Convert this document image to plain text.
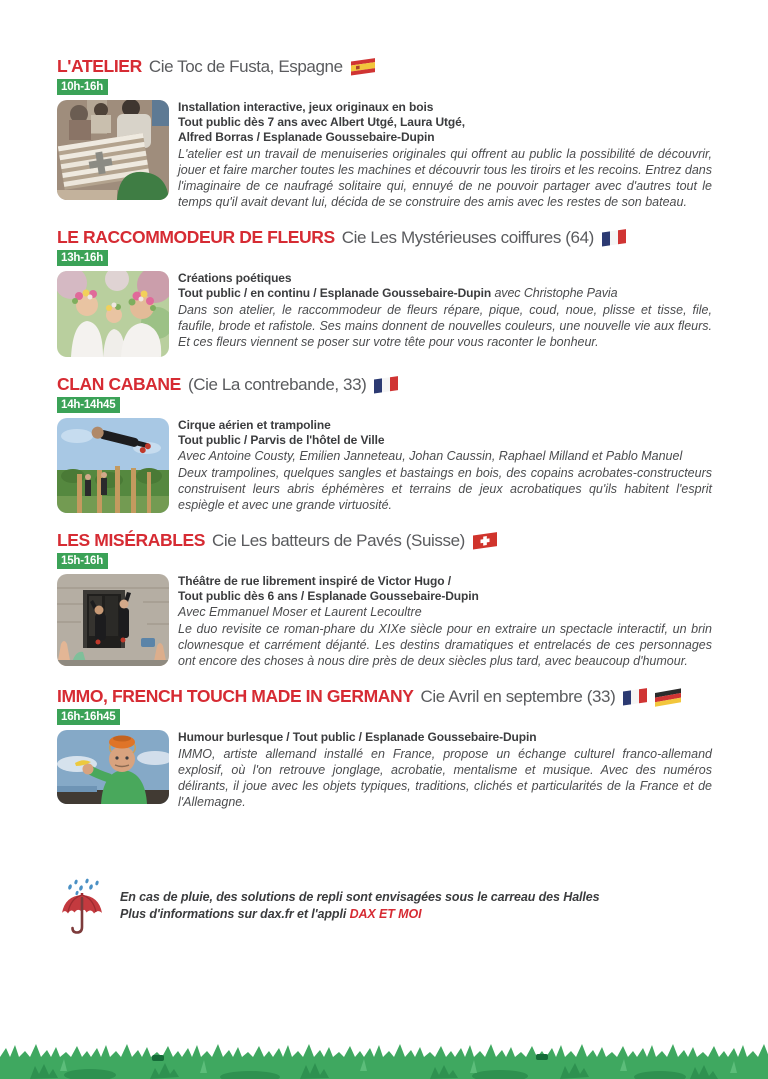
L'ATELIER Cie Toc de Fusta, Espagne
10h-16h
Installation interactive, jeux originaux en bois
Tout public dès 7 ans avec Albert Utgé, Laura Utgé,
Alfred Borras / Esplanade Goussebaire-Dupin
L'atelier est un travail de menuiseries originales qui offrent au public la possibilité de découvrir, jouer et faire marcher toutes les machines et découvrir tous les tiroirs et les recoins. Entrez dans l'imaginaire de ce naufragé solitaire qui, ennuyé de ne pouvoir partager avec d'autres tout le temps qu'il avait devant lui, décida de se construire des amis avec les restes de son bateau.
LE RACCOMMODEUR DE FLEURS Cie Les Mystérieuses coiffures (64)
13h-16h
Créations poétiques
Tout public / en continu / Esplanade Goussebaire-Dupin avec Christophe Pavia
Dans son atelier, le raccommodeur de fleurs répare, pique, coud, noue, plisse et tisse, file, faufile, brode et rafistole. Ses mains donnent de nouvelles couleurs, une nouvelle vie aux fleurs. Et ces fleurs viennent se poser sur votre tête pour vous raconter le bonheur.
CLAN CABANE (Cie La contrebande, 33)
14h-14h45
Cirque aérien et trampoline
Tout public / Parvis de l'hôtel de Ville
Avec Antoine Cousty, Emilien Janneteau, Johan Caussin, Raphael Milland et Pablo Manuel
Deux trampolines, quelques sangles et bastaings en bois, des copains acrobates-constructeurs construisent leurs abris éphémères et terrains de jeux acrobatiques qu'ils habitent l'esprit espiègle et avec une grande virtuosité.
LES MISÉRABLES Cie Les batteurs de Pavés (Suisse)
15h-16h
Théâtre de rue librement inspiré de Victor Hugo /
Tout public dès 6 ans / Esplanade Goussebaire-Dupin
Avec Emmanuel Moser et Laurent Lecoultre
Le duo revisite ce roman-phare du XIXe siècle pour en extraire un spectacle interactif, un brin clownesque et carrément déjanté. Les destins dramatiques et entrelacés de ces personnages ont encore des choses à nous dire près de deux siècles plus tard, avec beaucoup d'humour.
IMMO, FRENCH TOUCH MADE IN GERMANY Cie Avril en septembre (33)
16h-16h45
Humour burlesque / Tout public / Esplanade Goussebaire-Dupin
IMMO, artiste allemand installé en France, propose un échange culturel franco-allemand explosif, où l'on retrouve jonglage, acrobatie, mentalisme et musique. Avec des numéros délirants, il joue avec les objets typiques, traditions, clichés et particularités de la France et de l'Allemagne.
En cas de pluie, des solutions de repli sont envisagées sous le carreau des Halles
Plus d'informations sur dax.fr et l'appli DAX ET MOI
